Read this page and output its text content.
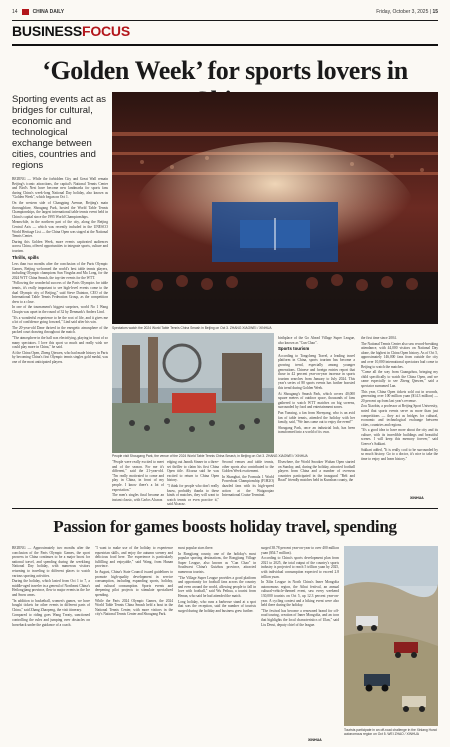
14	CHINA DAILY	Friday, October 3, 2025 | 15
BUSINESSFOCUS
‘Golden Week’ for sports lovers in
Sporting events act as bridges for cultural, economic and technological exchange between cities, countries and regions

BEIJING — While the forbidden City and Great Wall remain Beijing's iconic attractions, the capital's National Tennis Center and Bird's Nest have become new landmarks for sports fans during China's week-long National Day holiday, also known as "Golden Week", which began on Oct 1.

On the western side of Changping Avenue, Beijing's main thoroughfare, Shougang Park, hosted the World Table Tennis Championships, the largest international table tennis event held in China's capital since the 1995 World Championships.

Meanwhile, in the northern part of the city, along the Beijing Central Axis — which was recently included in the UNESCO World Heritage List — the China Open was staged at the National Tennis Center.

During this Golden Week, more events captivated audiences across China, offered opportunities to integrate sports, culture and tourism.

Thrills, spills

Less than two months after the conclusion of the Paris Olympic Games, Beijing welcomed the world's best table tennis players, including Olympic champions Sun Yingsha and Ma Long, for the 2024 WTT China Smash, the top-tier events for the WTT.

"Following the wonderful success of the Paris Olympics for table tennis, it's really important to see high-level events come to the dual Olympic city of Beijing," said Steve Dainton, CEO of the International Table Tennis Federation Group, as the competition drew to a close.

In one of the tournament's biggest surprises, world No 1 Wang Chuqin was upset in the round of 32 by Denmark's Anders Lind.

"It's a wonderful experience to be the root of life, and it gives me a lot of confidence going forward," Lind said after his win.

The 20-year-old Dane thrived in the energetic atmosphere of the packed court drawing throughout the match.

"The atmosphere in the hall was electrifying, playing in front of so many spectators. I love this sport so much and really wish we could play more in China," he said.

At the China Open, Zheng Qinwen, who had made history in Paris by becoming China's first Olympic tennis singles gold medal, was one of the most anticipated players.

Spectators watch the 2024 World Table Tennis China Smash in Beijing on Oct 3. ZHANG XIAOWEI / XINHUA
People visit Shougang Park, the venue of the 2024 World Table Tennis China Smash, in Beijing on Oct 3. ZHANG XIAOWEI / XINHUA

birthplace of the Go Ahead Village Super League, also known as "Cun Chao".

Sports tourism

According to Tongcheng Travel, a leading travel platform in China, sports tourism has become a growing trend, especially among younger generations. Chinese and foreign entries report that those in 42 percent year-on-year increase in sports tourism searches from January to July 2024. This year's series of 80 sports events has further boosted this trend during Golden Week.

At Shougang's Smash Park, which covers 40,000 square meters of outdoor space, thousands of fans gathered to watch WTT matches on big screens, surrounded by food and entertainment zones.

Pan Yunxing, a fan from Shenyang, who is an avid fan of table tennis, attended the holiday with her family, said, "We fans came out to enjoy the event!"

Shougang Park, once an industrial hub, has been transformed into a world of its own.

the first time since 2004.

The National Tennis Center also saw record-breaking attendance, with 44,000 visitors on National Day alone, the highest in China Open history. As of Oct 5, approximately 146,000 fans from outside the city and over 10,000 international spectators had come to Beijing to watch the matches.

"Come all the way from Guangzhou, bringing my child specifically to watch the China Open, and we came especially to see Zheng Qinwen," said a spectator surnamed Lan.

This year, China Open tickets sold out in seconds, generating over 100 million yuan ($14.3 million) — 20 percent up from last year's revenue.

Zou Xiaobin, a professor at Beijing Sport University, noted that sports events serve as more than just competitions — they act as bridges for cultural, economic and technological exchange between cities, countries and regions.

"It's a good idea to have more about the city and its culture, with its incredible buildings and beautiful scenes. I will keep this memory forever," said Greece's Sakkari.

Sakkari added, "It is really cool to be surrounded by so much history. Go to a doctor, it's nice to take the time to enjoy and learn history."

XINHUA

"People were really excited to meet and of the season. For me it's different," said the 21-year-old. "I'm really motivated to come and play in China, in front of my people. I know there's a lot of expectation."

The men's singles final became an instant classic, with Carlos Alcaraz

edging out Jannik Sinner in a three-set thriller to claim his first China Open title. Alcaraz said he was excited to return to China Open history.

"I think for people who don't really know, probably thanks to these kinds of matches, they will want to watch tennis or even practice it," said Alcaraz.

Second venues and table tennis, other sports also contributed to the Golden Week excitement.

In Shanghai, the Formula 1 World Powerboat Championship (F1H2O) dazzled fans with its high-speed action at the Waigaoqiao International Cruise Terminal.

Elsewhere, the World Snooker Wuhan Open started on Sunday, and, during the holiday, attracted football players from China and a number of overseas countries participated in the inaugural "Belt and Road" friendly matches held in Kunshan county, the

Passion for games boosts holiday travel, spending

BEIJING — Approximately two months after the conclusion of the Paris Olympic Games, the sport prowess in China continues to be a major boost for national travel, and spending during the weeklong National Day holiday, with numerous visitors returning to traveling to different places to watch various sporting activities.

During the holiday, which lasted from Oct 1 to 7, a middle-aged traveler in a general of Northeast China's Heilongjiang province, flew to major events in the Ice and Snow areas.

"In addition to basketball, women's games, we have bought tickets for other events in different parts of China," said Zhang Zhaopeng, the visit itinerary.

Compared to riding goes Wang Treaty, sanctioned controlling the rules and jumping over obstacles on horseback under the guidance of a coach.

"I want to make use of the holiday to experience equestrian skills, and enjoy the autumn scenery and delicious food here. The experience is particularly fulfilling and enjoyable," said Wang, from Hunan province.

In August, China's State Council issued guidelines to promote high-quality development in service consumption, including expanding sports, holiday, and cultural consumption. Sports events and deepening pilot projects to stimulate specialized spending.

While the Paris 2024 Olympic Games, the 2024 World Table Tennis China Smash held a bout in the National Tennis Center, with more visitors in the city's National Tennis Center and Shougang Park.

most popular stars there.

In Rongjiang county, one of the holiday's most popular sporting destinations, the Rongjiang Village Super League, also known as "Cun Chao" in Southwest China's Guizhou province, attracted numerous tourists.

"The Village Super League provides a good platform and opportunity for football fans across the country and even around the world, allowing people to fall in love with football," said Wu Peihua, a tourist from Henan, who said he had attended the match.

Long holiday, who runs a barbecue stand at a spot that was the reception, said the number of tourists surged during the holiday and business grew further.

surged 38.78 percent year-on-year to over 400 million yuan ($54.7 million).

According to China's sports development plan from 2021 to 2025, the total output of the country's sports industry is projected to reach 5 trillion yuan by 2025, with individual consumption expected to exceed 2.8 trillion yuan.

In Xilin League in North China's Inner Mongolia autonomous region, the Aihui festival, an annual cultural-vehicle-themed event, saw every weekend 130,000 tourists on Oct 5, up 12.3 percent year-on-year. A cycling contest and a hiking event were also held there during the holiday.

"The festival has become a renowned brand for off-road touring, creation of Inner Mongolia, and an icon that highlights the local characteristics of Ulan," said Liu Derui, deputy chief of the league.

XINHUA
Tourists participate in an off-road challenge in the Xinlang Hurat autonomous region on Oct 5. WEI ZHAO / XINHUA
